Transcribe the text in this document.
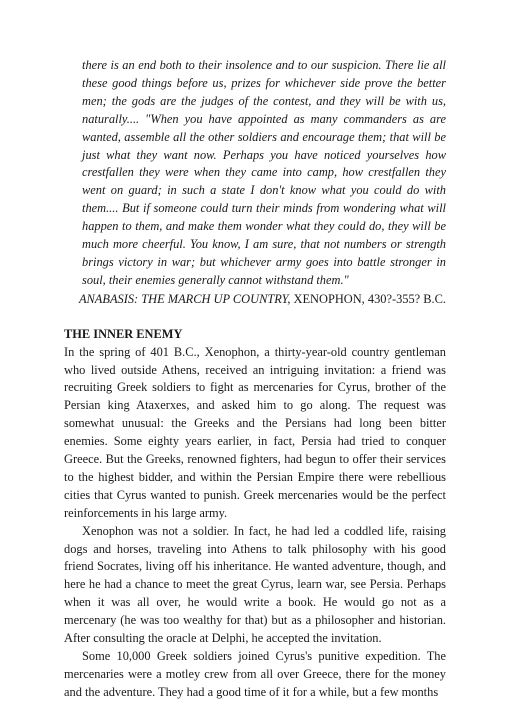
there is an end both to their insolence and to our suspicion. There lie all these good things before us, prizes for whichever side prove the better men; the gods are the judges of the contest, and they will be with us, naturally.... "When you have appointed as many commanders as are wanted, assemble all the other soldiers and encourage them; that will be just what they want now. Perhaps you have noticed yourselves how crestfallen they were when they came into camp, how crestfallen they went on guard; in such a state I don't know what you could do with them.... But if someone could turn their minds from wondering what will happen to them, and make them wonder what they could do, they will be much more cheerful. You know, I am sure, that not numbers or strength brings victory in war; but whichever army goes into battle stronger in soul, their enemies generally cannot withstand them."

ANABASIS: THE MARCH UP COUNTRY, XENOPHON, 430?-355? B.C.

THE INNER ENEMY

In the spring of 401 B.C., Xenophon, a thirty-year-old country gentleman who lived outside Athens, received an intriguing invitation: a friend was recruiting Greek soldiers to fight as mercenaries for Cyrus, brother of the Persian king Ataxerxes, and asked him to go along. The request was somewhat unusual: the Greeks and the Persians had long been bitter enemies. Some eighty years earlier, in fact, Persia had tried to conquer Greece. But the Greeks, renowned fighters, had begun to offer their services to the highest bidder, and within the Persian Empire there were rebellious cities that Cyrus wanted to punish. Greek mercenaries would be the perfect reinforcements in his large army.

Xenophon was not a soldier. In fact, he had led a coddled life, raising dogs and horses, traveling into Athens to talk philosophy with his good friend Socrates, living off his inheritance. He wanted adventure, though, and here he had a chance to meet the great Cyrus, learn war, see Persia. Perhaps when it was all over, he would write a book. He would go not as a mercenary (he was too wealthy for that) but as a philosopher and historian. After consulting the oracle at Delphi, he accepted the invitation.

Some 10,000 Greek soldiers joined Cyrus's punitive expedition. The mercenaries were a motley crew from all over Greece, there for the money and the adventure. They had a good time of it for a while, but a few months
